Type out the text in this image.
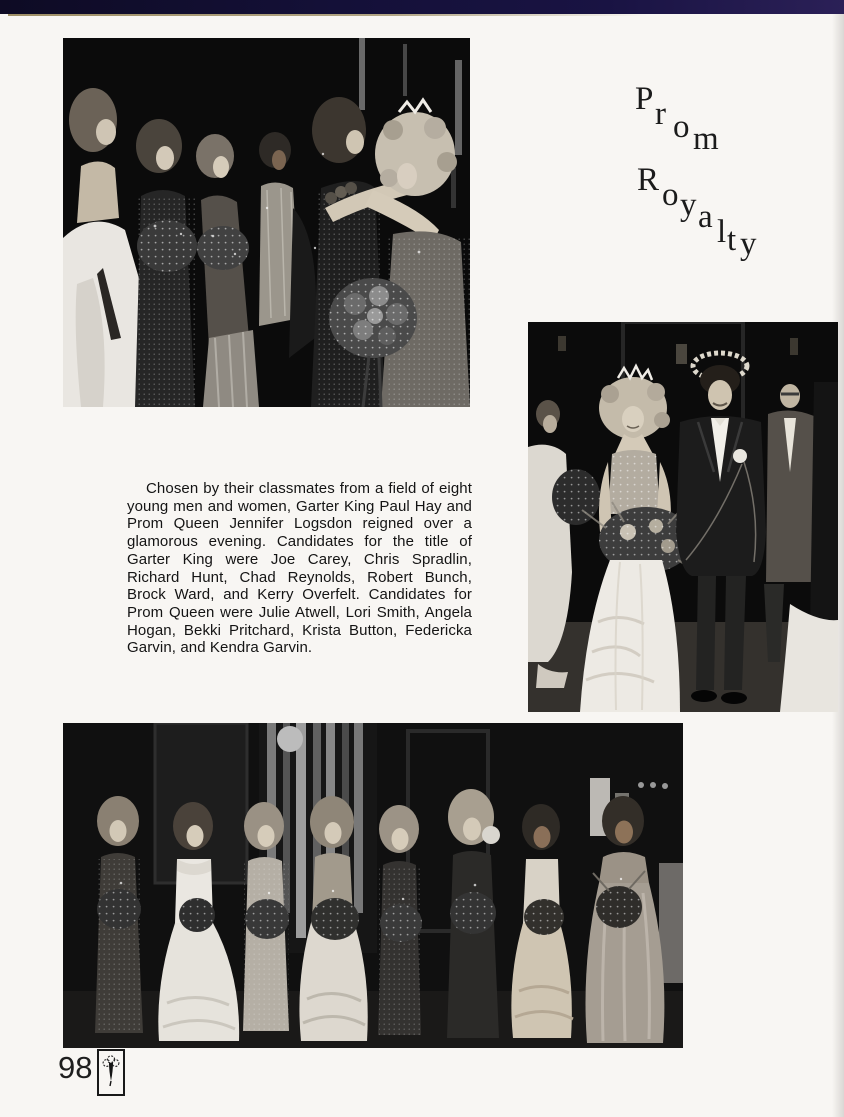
P r o m
R o y a l t y

Chosen by their classmates from a field of eight young men and women, Garter King Paul Hay and Prom Queen Jennifer Logsdon reigned over a glamorous evening. Candidates for the title of Garter King were Joe Carey, Chris Spradlin, Richard Hunt, Chad Reynolds, Robert Bunch, Brock Ward, and Kerry Overfelt. Candidates for Prom Queen were Julie Atwell, Lori Smith, Angela Hogan, Bekki Pritchard, Krista Button, Federicka Garvin, and Kendra Garvin.

98
